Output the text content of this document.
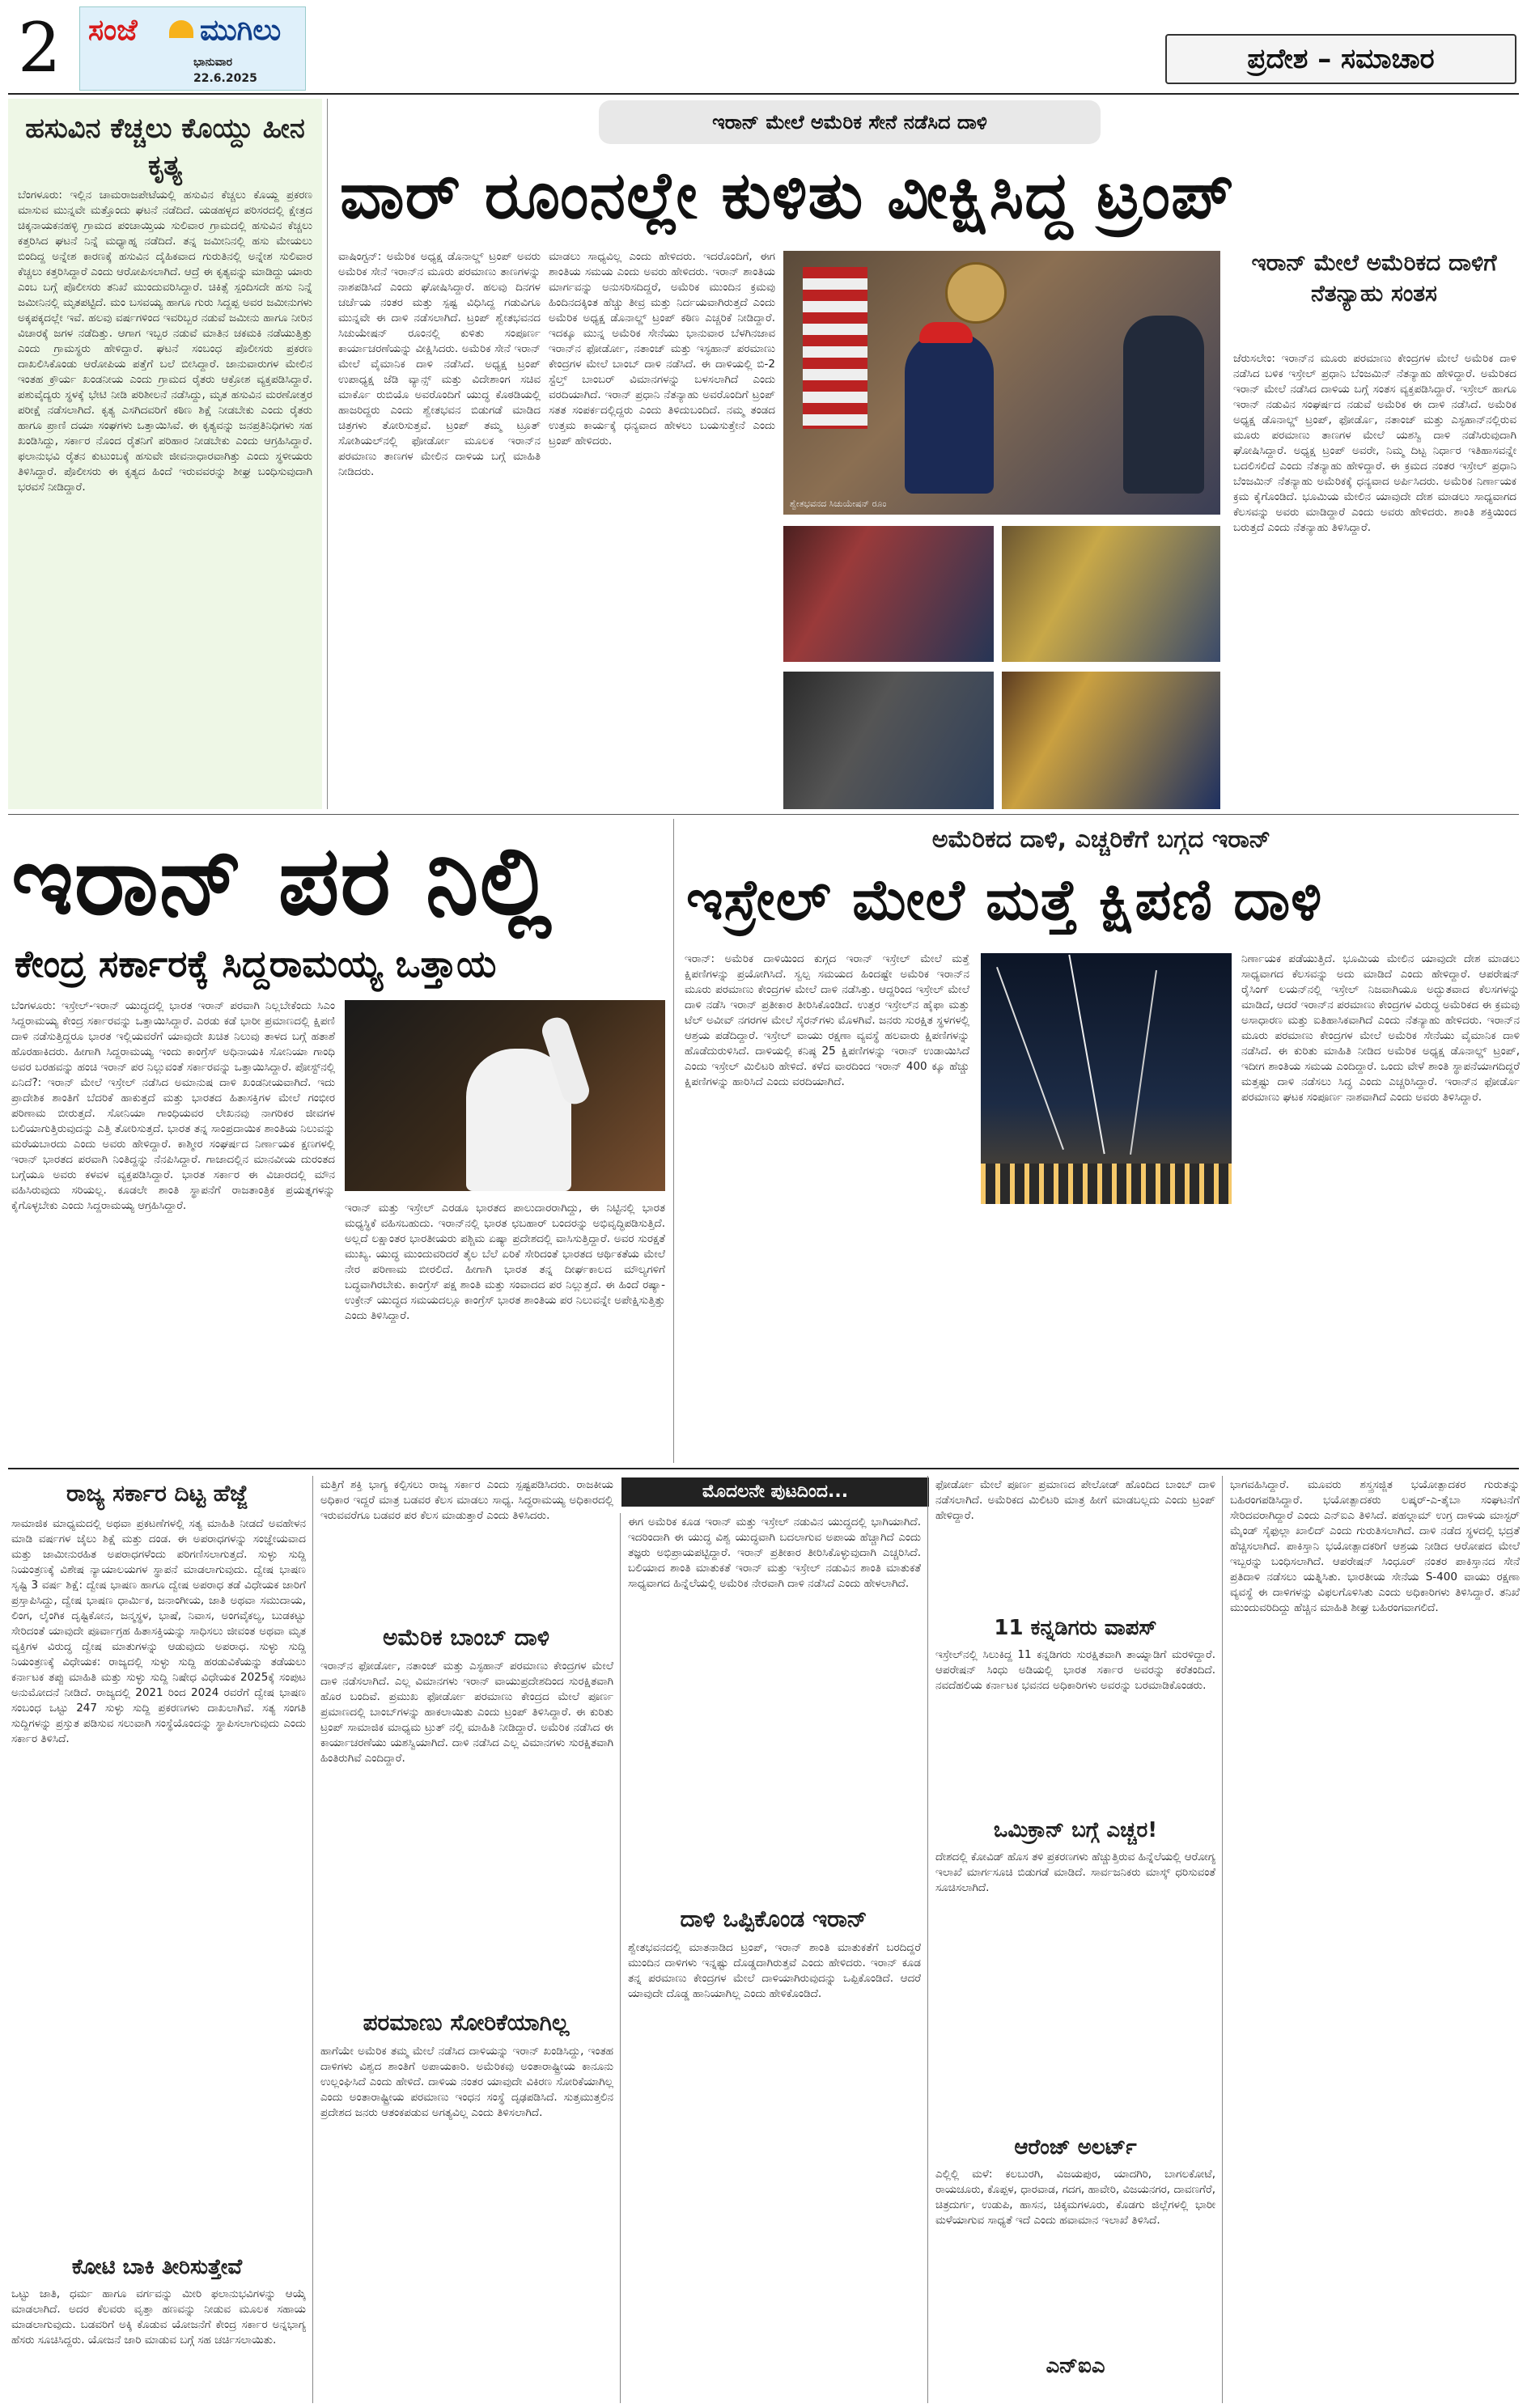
2 ಸಂಜೆ ಮುಗಿಲು
ಭಾನುವಾರ
22.6.2025
ಪ್ರದೇಶ – ಸಮಾಚಾರ
ಹಸುವಿನ ಕೆಚ್ಚಲು ಕೊಯ್ದು ಹೀನ ಕೃತ್ಯ
ಬೆಂಗಳೂರು: ಇಲ್ಲಿನ ಚಾಮರಾಜಪೇಟೆಯಲ್ಲಿ ಹಸುವಿನ ಕೆಚ್ಚಲು ಕೊಯ್ದ ಪ್ರಕರಣ ಮಾಸುವ ಮುನ್ನವೇ ಮತ್ತೊಂದು ಘಟನೆ ನಡೆದಿದೆ. ಯಡಹಳ್ಳದ ಪರಿಸರದಲ್ಲಿ ಕ್ಷೇತ್ರದ ಚಿಕ್ಕನಾಯಕನಹಳ್ಳಿ ಗ್ರಾಮದ ಪಂಚಾಯ್ತಿಯ ಸುಲಿವಾರ ಗ್ರಾಮದಲ್ಲಿ ಹಸುವಿನ ಕೆಚ್ಚಲು ಕತ್ತರಿಸಿದ ಘಟನೆ ನಿನ್ನೆ ಮಧ್ಯಾಹ್ನ ನಡೆದಿದೆ. ತನ್ನ ಜಮೀನಿನಲ್ಲಿ ಹಸು ಮೇಯಲು ಬಿಂದಿದ್ದ ಅನ್ನೇಶ ಕಾರಣಕ್ಕೆ ಹಸುವಿನ ದೈಹಿಕವಾದ ಗುರುತಿನಲ್ಲಿ ಅನ್ನೇಶ ಸುಲಿವಾರ ಕೆಚ್ಚಲು ಕತ್ತರಿಸಿದ್ದಾರೆ ಎಂದು ಆರೋಪಿಸಲಾಗಿದೆ. ಆದ್ರೆ ಈ ಕೃತ್ಯವನ್ನು ಮಾಡಿದ್ದು ಯಾರು ಎಂಬ ಬಗ್ಗೆ ಪೊಲೀಸರು ತನಿಖೆ ಮುಂದುವರಿಸಿದ್ದಾರೆ. ಚಿಕಿತ್ಸೆ ಸ್ಪಂದಿಸದೇ ಹಸು ನಿನ್ನೆ ಜಮೀನಿನಲ್ಲಿ ಮೃತಪಟ್ಟಿದೆ. ಮಂ ಬಸವಯ್ಯ ಹಾಗೂ ಗುರು ಸಿದ್ದಪ್ಪ ಅವರ ಜಮೀನುಗಳು ಅಕ್ಕಪಕ್ಕದಲ್ಲೇ ಇವೆ. ಹಲವು ವರ್ಷಗಳಿಂದ ಇವರಿಬ್ಬರ ನಡುವೆ ಜಮೀನು ಹಾಗೂ ನೀರಿನ ವಿಚಾರಕ್ಕೆ ಜಗಳ ನಡೆದಿತ್ತು. ಆಗಾಗ ಇಬ್ಬರ ನಡುವೆ ಮಾತಿನ ಚಕಮಕಿ ನಡೆಯುತ್ತಿತ್ತು ಎಂದು ಗ್ರಾಮಸ್ಥರು ಹೇಳಿದ್ದಾರೆ. ಘಟನೆ ಸಂಬಂಧ ಪೊಲೀಸರು ಪ್ರಕರಣ ದಾಖಲಿಸಿಕೊಂಡು ಆರೋಪಿಯ ಪತ್ತೆಗೆ ಬಲೆ ಬೀಸಿದ್ದಾರೆ. ಜಾನುವಾರುಗಳ ಮೇಲಿನ ಇಂತಹ ಕ್ರೌರ್ಯ ಖಂಡನೀಯ ಎಂದು ಗ್ರಾಮದ ರೈತರು ಆಕ್ರೋಶ ವ್ಯಕ್ತಪಡಿಸಿದ್ದಾರೆ. ಪಶುವೈದ್ಯರು ಸ್ಥಳಕ್ಕೆ ಭೇಟಿ ನೀಡಿ ಪರಿಶೀಲನೆ ನಡೆಸಿದ್ದು, ಮೃತ ಹಸುವಿನ ಮರಣೋತ್ತರ ಪರೀಕ್ಷೆ ನಡೆಸಲಾಗಿದೆ. ಕೃತ್ಯ ಎಸಗಿದವರಿಗೆ ಕಠಿಣ ಶಿಕ್ಷೆ ನೀಡಬೇಕು ಎಂದು ರೈತರು ಹಾಗೂ ಪ್ರಾಣಿ ದಯಾ ಸಂಘಗಳು ಒತ್ತಾಯಿಸಿವೆ. ಈ ಕೃತ್ಯವನ್ನು ಜನಪ್ರತಿನಿಧಿಗಳು ಸಹ ಖಂಡಿಸಿದ್ದು, ಸರ್ಕಾರ ನೊಂದ ರೈತನಿಗೆ ಪರಿಹಾರ ನೀಡಬೇಕು ಎಂದು ಆಗ್ರಹಿಸಿದ್ದಾರೆ. ಫಲಾನುಭವಿ ರೈತನ ಕುಟುಂಬಕ್ಕೆ ಹಸುವೇ ಜೀವನಾಧಾರವಾಗಿತ್ತು ಎಂದು ಸ್ಥಳೀಯರು ತಿಳಿಸಿದ್ದಾರೆ. ಪೊಲೀಸರು ಈ ಕೃತ್ಯದ ಹಿಂದೆ ಇರುವವರನ್ನು ಶೀಘ್ರ ಬಂಧಿಸುವುದಾಗಿ ಭರವಸೆ ನೀಡಿದ್ದಾರೆ.
ಇರಾನ್ ಮೇಲೆ ಅಮೆರಿಕ ಸೇನೆ ನಡೆಸಿದ ದಾಳಿ
ವಾರ್ ರೂಂನಲ್ಲೇ ಕುಳಿತು ವೀಕ್ಷಿಸಿದ್ದ ಟ್ರಂಪ್
ವಾಷಿಂಗ್ಟನ್: ಅಮೆರಿಕ ಅಧ್ಯಕ್ಷ ಡೊನಾಲ್ಡ್ ಟ್ರಂಪ್ ಅವರು ಅಮೆರಿಕ ಸೇನೆ ಇರಾನ್‌ನ ಮೂರು ಪರಮಾಣು ತಾಣಗಳನ್ನು ನಾಶಪಡಿಸಿದೆ ಎಂದು ಘೋಷಿಸಿದ್ದಾರೆ. ಹಲವು ದಿನಗಳ ಚರ್ಚೆಯ ನಂತರ ಮತ್ತು ಸ್ಪಷ್ಟ ವಿಧಿಸಿದ್ದ ಗಡುವಿಗೂ ಮುನ್ನವೇ ಈ ದಾಳಿ ನಡೆಸಲಾಗಿದೆ. ಟ್ರಂಪ್ ಶ್ವೇತಭವನದ ಸಿಚುಯೇಷನ್ ರೂಂನಲ್ಲಿ ಕುಳಿತು ಸಂಪೂರ್ಣ ಕಾರ್ಯಾಚರಣೆಯನ್ನು ವೀಕ್ಷಿಸಿದರು. ಅಮೆರಿಕ ಸೇನೆ ಇರಾನ್ ಮೇಲೆ ವೈಮಾನಿಕ ದಾಳಿ ನಡೆಸಿದೆ. ಅಧ್ಯಕ್ಷ ಟ್ರಂಪ್ ಉಪಾಧ್ಯಕ್ಷ ಜೆಡಿ ವ್ಯಾನ್ಸ್ ಮತ್ತು ವಿದೇಶಾಂಗ ಸಚಿವ ಮಾರ್ಕೊ ರುಬಿಯೊ ಅವರೊಂದಿಗೆ ಯುದ್ಧ ಕೊಠಡಿಯಲ್ಲಿ ಹಾಜರಿದ್ದರು ಎಂದು ಶ್ವೇತಭವನ ಬಿಡುಗಡೆ ಮಾಡಿದ ಚಿತ್ರಗಳು ತೋರಿಸುತ್ತವೆ. ಟ್ರಂಪ್ ತಮ್ಮ ಟ್ರೂತ್ ಸೋಶಿಯಲ್‌ನಲ್ಲಿ ಫೋರ್ಡೋ ಮೂಲಕ ಇರಾನ್‌ನ ಪರಮಾಣು ತಾಣಗಳ ಮೇಲಿನ ದಾಳಿಯ ಬಗ್ಗೆ ಮಾಹಿತಿ ನೀಡಿದರು.
ಮಾಡಲು ಸಾಧ್ಯವಿಲ್ಲ ಎಂದು ಹೇಳಿದರು. ಇದರೊಂದಿಗೆ, ಈಗ ಶಾಂತಿಯ ಸಮಯ ಎಂದು ಅವರು ಹೇಳಿದರು. ಇರಾನ್ ಶಾಂತಿಯ ಮಾರ್ಗವನ್ನು ಅನುಸರಿಸದಿದ್ದರೆ, ಅಮೆರಿಕ ಮುಂದಿನ ಕ್ರಮವು ಹಿಂದಿನದಕ್ಕಿಂತ ಹೆಚ್ಚು ತೀವ್ರ ಮತ್ತು ನಿರ್ದಯವಾಗಿರುತ್ತದೆ ಎಂದು ಅಮೆರಿಕ ಅಧ್ಯಕ್ಷ ಡೊನಾಲ್ಡ್ ಟ್ರಂಪ್ ಕಠಿಣ ಎಚ್ಚರಿಕೆ ನೀಡಿದ್ದಾರೆ. ಇದಕ್ಕೂ ಮುನ್ನ ಅಮೆರಿಕ ಸೇನೆಯು ಭಾನುವಾರ ಬೆಳಗಿನಜಾವ ಇರಾನ್‌ನ ಫೋರ್ಡೋ, ನತಾಂಜ್ ಮತ್ತು ಇಸ್ಫಹಾನ್ ಪರಮಾಣು ಕೇಂದ್ರಗಳ ಮೇಲೆ ಬಾಂಬ್ ದಾಳಿ ನಡೆಸಿದೆ. ಈ ದಾಳಿಯಲ್ಲಿ ಬಿ-2 ಸ್ಟೆಲ್ತ್ ಬಾಂಬರ್ ವಿಮಾನಗಳನ್ನು ಬಳಸಲಾಗಿದೆ ಎಂದು ವರದಿಯಾಗಿದೆ. ಇರಾನ್ ಪ್ರಧಾನಿ ನೆತನ್ಯಾಹು ಅವರೊಂದಿಗೆ ಟ್ರಂಪ್ ಸತತ ಸಂಪರ್ಕದಲ್ಲಿದ್ದರು ಎಂದು ತಿಳಿದುಬಂದಿದೆ. ನಮ್ಮ ತಂಡದ ಉತ್ತಮ ಕಾರ್ಯಕ್ಕೆ ಧನ್ಯವಾದ ಹೇಳಲು ಬಯಸುತ್ತೇನೆ ಎಂದು ಟ್ರಂಪ್ ಹೇಳಿದರು.
ಶ್ವೇತಭವನದ ಸಿಚುಯೇಷನ್ ರೂಂ
ಇರಾನ್ ಮೇಲೆ ಅಮೆರಿಕದ ದಾಳಿಗೆ ನೆತನ್ಯಾಹು ಸಂತಸ
ಜೆರುಸಲೇಂ: ಇರಾನ್‌ನ ಮೂರು ಪರಮಾಣು ಕೇಂದ್ರಗಳ ಮೇಲೆ ಅಮೆರಿಕ ದಾಳಿ ನಡೆಸಿದ ಬಳಿಕ ಇಸ್ರೇಲ್ ಪ್ರಧಾನಿ ಬೆಂಜಮಿನ್ ನೆತನ್ಯಾಹು ಹೇಳಿದ್ದಾರೆ. ಅಮೆರಿಕದ ಇರಾನ್ ಮೇಲೆ ನಡೆಸಿದ ದಾಳಿಯ ಬಗ್ಗೆ ಸಂತಸ ವ್ಯಕ್ತಪಡಿಸಿದ್ದಾರೆ. ಇಸ್ರೇಲ್ ಹಾಗೂ ಇರಾನ್ ನಡುವಿನ ಸಂಘರ್ಷದ ನಡುವೆ ಅಮೆರಿಕ ಈ ದಾಳಿ ನಡೆಸಿದೆ. ಅಮೆರಿಕ ಅಧ್ಯಕ್ಷ ಡೊನಾಲ್ಡ್ ಟ್ರಂಪ್, ಫೋರ್ಡೊ, ನತಾಂಜ್ ಮತ್ತು ಎಸ್ಫಹಾನ್‌ನಲ್ಲಿರುವ ಮೂರು ಪರಮಾಣು ತಾಣಗಳ ಮೇಲೆ ಯಶಸ್ವಿ ದಾಳಿ ನಡೆಸಿರುವುದಾಗಿ ಘೋಷಿಸಿದ್ದಾರೆ. ಅಧ್ಯಕ್ಷ ಟ್ರಂಪ್ ಅವರೇ, ನಿಮ್ಮ ದಿಟ್ಟ ನಿರ್ಧಾರ ಇತಿಹಾಸವನ್ನೇ ಬದಲಿಸಲಿದೆ ಎಂದು ನೆತನ್ಯಾಹು ಹೇಳಿದ್ದಾರೆ. ಈ ಕ್ರಮದ ನಂತರ ಇಸ್ರೇಲ್ ಪ್ರಧಾನಿ ಬೆಂಜಮಿನ್ ನೆತನ್ಯಾಹು ಅಮೆರಿಕಕ್ಕೆ ಧನ್ಯವಾದ ಅರ್ಪಿಸಿದರು. ಅಮೆರಿಕ ನಿರ್ಣಾಯಕ ಕ್ರಮ ಕೈಗೊಂಡಿದೆ. ಭೂಮಿಯ ಮೇಲಿನ ಯಾವುದೇ ದೇಶ ಮಾಡಲು ಸಾಧ್ಯವಾಗದ ಕೆಲಸವನ್ನು ಅವರು ಮಾಡಿದ್ದಾರೆ ಎಂದು ಅವರು ಹೇಳಿದರು. ಶಾಂತಿ ಶಕ್ತಿಯಿಂದ ಬರುತ್ತದೆ ಎಂದು ನೆತನ್ಯಾಹು ತಿಳಿಸಿದ್ದಾರೆ.
ಇರಾನ್ ಪರ ನಿಲ್ಲಿ
ಕೇಂದ್ರ ಸರ್ಕಾರಕ್ಕೆ ಸಿದ್ದರಾಮಯ್ಯ ಒತ್ತಾಯ
ಬೆಂಗಳೂರು: ಇಸ್ರೇಲ್-ಇರಾನ್ ಯುದ್ಧದಲ್ಲಿ ಭಾರತ ಇರಾನ್ ಪರವಾಗಿ ನಿಲ್ಲಬೇಕೆಂದು ಸಿಎಂ ಸಿದ್ದರಾಮಯ್ಯ ಕೇಂದ್ರ ಸರ್ಕಾರವನ್ನು ಒತ್ತಾಯಿಸಿದ್ದಾರೆ. ಎರಡು ಕಡೆ ಭಾರೀ ಪ್ರಮಾಣದಲ್ಲಿ ಕ್ಷಿಪಣಿ ದಾಳಿ ನಡೆಸುತ್ತಿದ್ದರೂ ಭಾರತ ಇಲ್ಲಿಯವರೆಗೆ ಯಾವುದೇ ಖಚಿತ ನಿಲುವು ತಾಳದ ಬಗ್ಗೆ ಹತಾಶೆ ಹೊರಹಾಕಿದರು. ಹೀಗಾಗಿ ಸಿದ್ದರಾಮಯ್ಯ ಇಂದು ಕಾಂಗ್ರೆಸ್ ಅಧಿನಾಯಕಿ ಸೋನಿಯಾ ಗಾಂಧಿ ಅವರ ಬರಹವನ್ನು ಹಂಚಿ ಇರಾನ್ ಪರ ನಿಲ್ಲುವಂತೆ ಸರ್ಕಾರವನ್ನು ಒತ್ತಾಯಿಸಿದ್ದಾರೆ. ಪೋಸ್ಟ್‌ನಲ್ಲಿ ಏನಿದೆ?: ಇರಾನ್ ಮೇಲೆ ಇಸ್ರೇಲ್ ನಡೆಸಿದ ಅಮಾನುಷ ದಾಳಿ ಖಂಡನೀಯವಾಗಿದೆ. ಇದು ಪ್ರಾದೇಶಿಕ ಶಾಂತಿಗೆ ಬೆದರಿಕೆ ಹಾಕುತ್ತದೆ ಮತ್ತು ಭಾರತದ ಹಿತಾಸಕ್ತಿಗಳ ಮೇಲೆ ಗಂಭೀರ ಪರಿಣಾಮ ಬೀರುತ್ತದೆ. ಸೋನಿಯಾ ಗಾಂಧಿಯವರ ಲೇಖನವು ನಾಗರಿಕರ ಜೀವಗಳ ಬಲಿಯಾಗುತ್ತಿರುವುದನ್ನು ಎತ್ತಿ ತೋರಿಸುತ್ತದೆ. ಭಾರತ ತನ್ನ ಸಾಂಪ್ರದಾಯಿಕ ಶಾಂತಿಯ ನಿಲುವನ್ನು ಮರೆಯಬಾರದು ಎಂದು ಅವರು ಹೇಳಿದ್ದಾರೆ. ಕಾಶ್ಮೀರ ಸಂಘರ್ಷದ ನಿರ್ಣಾಯಕ ಕ್ಷಣಗಳಲ್ಲಿ ಇರಾನ್ ಭಾರತದ ಪರವಾಗಿ ನಿಂತಿದ್ದನ್ನು ನೆನಪಿಸಿದ್ದಾರೆ. ಗಾಜಾದಲ್ಲಿನ ಮಾನವೀಯ ದುರಂತದ ಬಗ್ಗೆಯೂ ಅವರು ಕಳವಳ ವ್ಯಕ್ತಪಡಿಸಿದ್ದಾರೆ. ಭಾರತ ಸರ್ಕಾರ ಈ ವಿಚಾರದಲ್ಲಿ ಮೌನ ವಹಿಸಿರುವುದು ಸರಿಯಲ್ಲ. ಕೂಡಲೇ ಶಾಂತಿ ಸ್ಥಾಪನೆಗೆ ರಾಜತಾಂತ್ರಿಕ ಪ್ರಯತ್ನಗಳನ್ನು ಕೈಗೊಳ್ಳಬೇಕು ಎಂದು ಸಿದ್ದರಾಮಯ್ಯ ಆಗ್ರಹಿಸಿದ್ದಾರೆ.	ಇರಾನ್ ಮತ್ತು ಇಸ್ರೇಲ್ ಎರಡೂ ಭಾರತದ ಪಾಲುದಾರರಾಗಿದ್ದು, ಈ ನಿಟ್ಟಿನಲ್ಲಿ ಭಾರತ ಮಧ್ಯಸ್ಥಿಕೆ ವಹಿಸಬಹುದು. ಇರಾನ್‌ನಲ್ಲಿ ಭಾರತ ಛಬಹಾರ್ ಬಂದರನ್ನು ಅಭಿವೃದ್ಧಿಪಡಿಸುತ್ತಿದೆ. ಅಲ್ಲದೆ ಲಕ್ಷಾಂತರ ಭಾರತೀಯರು ಪಶ್ಚಿಮ ಏಷ್ಯಾ ಪ್ರದೇಶದಲ್ಲಿ ವಾಸಿಸುತ್ತಿದ್ದಾರೆ. ಅವರ ಸುರಕ್ಷತೆ ಮುಖ್ಯ. ಯುದ್ಧ ಮುಂದುವರಿದರೆ ತೈಲ ಬೆಲೆ ಏರಿಕೆ ಸೇರಿದಂತೆ ಭಾರತದ ಆರ್ಥಿಕತೆಯ ಮೇಲೆ ನೇರ ಪರಿಣಾಮ ಬೀರಲಿದೆ. ಹೀಗಾಗಿ ಭಾರತ ತನ್ನ ದೀರ್ಘಕಾಲದ ಮೌಲ್ಯಗಳಿಗೆ ಬದ್ಧವಾಗಿರಬೇಕು. ಕಾಂಗ್ರೆಸ್ ಪಕ್ಷ ಶಾಂತಿ ಮತ್ತು ಸಂವಾದದ ಪರ ನಿಲ್ಲುತ್ತದೆ. ಈ ಹಿಂದೆ ರಷ್ಯಾ-ಉಕ್ರೇನ್ ಯುದ್ಧದ ಸಮಯದಲ್ಲೂ ಕಾಂಗ್ರೆಸ್ ಭಾರತ ಶಾಂತಿಯ ಪರ ನಿಲುವನ್ನೇ ಅಪೇಕ್ಷಿಸುತ್ತಿತ್ತು ಎಂದು ತಿಳಿಸಿದ್ದಾರೆ.
ಅಮೆರಿಕದ ದಾಳಿ, ಎಚ್ಚರಿಕೆಗೆ ಬಗ್ಗದ ಇರಾನ್
ಇಸ್ರೇಲ್ ಮೇಲೆ ಮತ್ತೆ ಕ್ಷಿಪಣಿ ದಾಳಿ
ಇರಾನ್: ಅಮೆರಿಕ ದಾಳಿಯಿಂದ ಕುಗ್ಗದ ಇರಾನ್ ಇಸ್ರೇಲ್ ಮೇಲೆ ಮತ್ತೆ ಕ್ಷಿಪಣಿಗಳನ್ನು ಪ್ರಯೋಗಿಸಿದೆ. ಸ್ವಲ್ಪ ಸಮಯದ ಹಿಂದಷ್ಟೇ ಅಮೆರಿಕ ಇರಾನ್‌ನ ಮೂರು ಪರಮಾಣು ಕೇಂದ್ರಗಳ ಮೇಲೆ ದಾಳಿ ನಡೆಸಿತ್ತು. ಆದ್ದರಿಂದ ಇಸ್ರೇಲ್ ಮೇಲೆ ದಾಳಿ ನಡೆಸಿ ಇರಾನ್ ಪ್ರತೀಕಾರ ತೀರಿಸಿಕೊಂಡಿದೆ. ಉತ್ತರ ಇಸ್ರೇಲ್‌ನ ಹೈಫಾ ಮತ್ತು ಟೆಲ್ ಅವೀವ್ ನಗರಗಳ ಮೇಲೆ ಸೈರನ್‌ಗಳು ಮೊಳಗಿವೆ. ಜನರು ಸುರಕ್ಷಿತ ಸ್ಥಳಗಳಲ್ಲಿ ಆಶ್ರಯ ಪಡೆದಿದ್ದಾರೆ. ಇಸ್ರೇಲ್ ವಾಯು ರಕ್ಷಣಾ ವ್ಯವಸ್ಥೆ ಹಲವಾರು ಕ್ಷಿಪಣಿಗಳನ್ನು ಹೊಡೆದುರುಳಿಸಿದೆ. ದಾಳಿಯಲ್ಲಿ ಕನಿಷ್ಠ 25 ಕ್ಷಿಪಣಿಗಳನ್ನು ಇರಾನ್ ಉಡಾಯಿಸಿದೆ ಎಂದು ಇಸ್ರೇಲ್ ಮಿಲಿಟರಿ ಹೇಳಿದೆ. ಕಳೆದ ವಾರದಿಂದ ಇರಾನ್ 400 ಕ್ಕೂ ಹೆಚ್ಚು ಕ್ಷಿಪಣಿಗಳನ್ನು ಹಾರಿಸಿದೆ ಎಂದು ವರದಿಯಾಗಿದೆ.
ನಿರ್ಣಾಯಕ ಪಡೆಯುತ್ತಿದೆ. ಭೂಮಿಯ ಮೇಲಿನ ಯಾವುದೇ ದೇಶ ಮಾಡಲು ಸಾಧ್ಯವಾಗದ ಕೆಲಸವನ್ನು ಅದು ಮಾಡಿದೆ ಎಂದು ಹೇಳಿದ್ದಾರೆ. ಆಪರೇಷನ್ ರೈಸಿಂಗ್ ಲಯನ್‌ನಲ್ಲಿ ಇಸ್ರೇಲ್ ನಿಜವಾಗಿಯೂ ಅದ್ಭುತವಾದ ಕೆಲಸಗಳನ್ನು ಮಾಡಿದೆ, ಆದರೆ ಇರಾನ್‌ನ ಪರಮಾಣು ಕೇಂದ್ರಗಳ ವಿರುದ್ಧ ಅಮೆರಿಕದ ಈ ಕ್ರಮವು ಅಸಾಧಾರಣ ಮತ್ತು ಐತಿಹಾಸಿಕವಾಗಿದೆ ಎಂದು ನೆತನ್ಯಾಹು ಹೇಳಿದರು. ಇರಾನ್‌ನ ಮೂರು ಪರಮಾಣು ಕೇಂದ್ರಗಳ ಮೇಲೆ ಅಮೆರಿಕ ಸೇನೆಯು ವೈಮಾನಿಕ ದಾಳಿ ನಡೆಸಿದೆ. ಈ ಕುರಿತು ಮಾಹಿತಿ ನೀಡಿದ ಅಮೆರಿಕ ಅಧ್ಯಕ್ಷ ಡೊನಾಲ್ಡ್ ಟ್ರಂಪ್, ಇದೀಗ ಶಾಂತಿಯ ಸಮಯ ಎಂದಿದ್ದಾರೆ. ಒಂದು ವೇಳೆ ಶಾಂತಿ ಸ್ಥಾಪನೆಯಾಗದಿದ್ದರೆ ಮತ್ತಷ್ಟು ದಾಳಿ ನಡೆಸಲು ಸಿದ್ಧ ಎಂದು ಎಚ್ಚರಿಸಿದ್ದಾರೆ. ಇರಾನ್‌ನ ಫೋರ್ಡೊ ಪರಮಾಣು ಘಟಕ ಸಂಪೂರ್ಣ ನಾಶವಾಗಿದೆ ಎಂದು ಅವರು ತಿಳಿಸಿದ್ದಾರೆ.
ಮೊದಲನೇ ಪುಟದಿಂದ...
ರಾಜ್ಯ ಸರ್ಕಾರ ದಿಟ್ಟ ಹೆಜ್ಜೆ
ಸಾಮಾಜಿಕ ಮಾಧ್ಯಮದಲ್ಲಿ ಅಥವಾ ಪ್ರಕಟಣೆಗಳಲ್ಲಿ ಸತ್ಯ ಮಾಹಿತಿ ನೀಡದೆ ಅವಹೇಳನ ಮಾಡಿ ವರ್ಷಗಳ ಜೈಲು ಶಿಕ್ಷೆ ಮತ್ತು ದಂಡ. ಈ ಅಪರಾಧಗಳನ್ನು ಸಂಜ್ಞೇಯವಾದ ಮತ್ತು ಜಾಮೀನುರಹಿತ ಅಪರಾಧಗಳೆಂದು ಪರಿಗಣಿಸಲಾಗುತ್ತದೆ. ಸುಳ್ಳು ಸುದ್ದಿ ನಿಯಂತ್ರಣಕ್ಕೆ ವಿಶೇಷ ನ್ಯಾಯಾಲಯಗಳ ಸ್ಥಾಪನೆ ಮಾಡಲಾಗುವುದು. ದ್ವೇಷ ಭಾಷಣ ಸೃಷ್ಟಿ 3 ವರ್ಷ ಶಿಕ್ಷೆ: ದ್ವೇಷ ಭಾಷಣ ಹಾಗೂ ದ್ವೇಷ ಅಪರಾಧ ತಡೆ ವಿಧೇಯಕ ಜಾರಿಗೆ ಪ್ರಸ್ತಾಪಿಸಿದ್ದು, ದ್ವೇಷ ಭಾಷಣ ಧಾರ್ಮಿಕ, ಜನಾಂಗೀಯ, ಜಾತಿ ಅಥವಾ ಸಮುದಾಯ, ಲಿಂಗ, ಲೈಂಗಿಕ ದೃಷ್ಟಿಕೋನ, ಜನ್ಮಸ್ಥಳ, ಭಾಷೆ, ನಿವಾಸ, ಅಂಗವೈಕಲ್ಯ, ಬುಡಕಟ್ಟು ಸೇರಿದಂತೆ ಯಾವುದೇ ಪೂರ್ವಾಗ್ರಹ ಹಿತಾಸಕ್ತಿಯನ್ನು ಸಾಧಿಸಲು ಜೀವಂತ ಅಥವಾ ಮೃತ ವ್ಯಕ್ತಿಗಳ ವಿರುದ್ಧ ದ್ವೇಷ ಮಾತುಗಳನ್ನು ಆಡುವುದು ಅಪರಾಧ. ಸುಳ್ಳು ಸುದ್ದಿ ನಿಯಂತ್ರಣಕ್ಕೆ ವಿಧೇಯಕ: ರಾಜ್ಯದಲ್ಲಿ ಸುಳ್ಳು ಸುದ್ದಿ ಹರಡುವಿಕೆಯನ್ನು ತಡೆಯಲು ಕರ್ನಾಟಕ ತಪ್ಪು ಮಾಹಿತಿ ಮತ್ತು ಸುಳ್ಳು ಸುದ್ದಿ ನಿಷೇಧ ವಿಧೇಯಕ 2025ಕ್ಕೆ ಸಂಪುಟ ಅನುಮೋದನೆ ನೀಡಿದೆ. ರಾಜ್ಯದಲ್ಲಿ 2021 ರಿಂದ 2024 ರವರೆಗೆ ದ್ವೇಷ ಭಾಷಣ ಸಂಬಂಧ ಒಟ್ಟು 247 ಸುಳ್ಳು ಸುದ್ದಿ ಪ್ರಕರಣಗಳು ದಾಖಲಾಗಿವೆ. ಸತ್ಯ ಸಂಗತಿ ಸುದ್ದಿಗಳನ್ನು ಪ್ರಸ್ತುತ ಪಡಿಸುವ ಸಲುವಾಗಿ ಸಂಸ್ಥೆಯೊಂದನ್ನು ಸ್ಥಾಪಿಸಲಾಗುವುದು ಎಂದು ಸರ್ಕಾರ ತಿಳಿಸಿದೆ.
ಕೋಟಿ ಬಾಕಿ ತೀರಿಸುತ್ತೇವೆ
ಒಟ್ಟು ಜಾತಿ, ಧರ್ಮ ಹಾಗೂ ವರ್ಗವನ್ನು ಮೀರಿ ಫಲಾನುಭವಿಗಳನ್ನು ಆಯ್ಕೆ ಮಾಡಲಾಗಿದೆ. ಅದರ ಕೆಲವರು ವೃತ್ತಾ ಹಣವನ್ನು ನೀಡುವ ಮೂಲಕ ಸಹಾಯ ಮಾಡಲಾಗುವುದು. ಬಡವರಿಗೆ ಅಕ್ಕಿ ಕೊಡುವ ಯೋಜನೆಗೆ ಕೇಂದ್ರ ಸರ್ಕಾರ ಅನ್ನಭಾಗ್ಯ ಹೆಸರು ಸೂಚಿಸಿದ್ದರು. ಯೋಜನೆ ಜಾರಿ ಮಾಡುವ ಬಗ್ಗೆ ಸಹ ಚರ್ಚಿಸಲಾಯಿತು.
ಮತ್ತಿಗೆ ಶಕ್ತಿ ಭಾಗ್ಯ ಕಲ್ಪಿಸಲು ರಾಜ್ಯ ಸರ್ಕಾರ ಎಂದು ಸ್ಪಷ್ಟಪಡಿಸಿದರು. ರಾಜಕೀಯ ಅಧಿಕಾರ ಇದ್ದರೆ ಮಾತ್ರ ಬಡವರ ಕೆಲಸ ಮಾಡಲು ಸಾಧ್ಯ. ಸಿದ್ಧರಾಮಯ್ಯ ಅಧಿಕಾರದಲ್ಲಿ ಇರುವವರೆಗೂ ಬಡವರ ಪರ ಕೆಲಸ ಮಾಡುತ್ತಾರೆ ಎಂದು ತಿಳಿಸಿದರು.
ಅಮೆರಿಕ ಬಾಂಬ್ ದಾಳಿ
ಇರಾನ್‌ನ ಫೋರ್ಡೋ, ನತಾಂಜ್ ಮತ್ತು ಎಸ್ಫಹಾನ್ ಪರಮಾಣು ಕೇಂದ್ರಗಳ ಮೇಲೆ ದಾಳಿ ನಡೆಸಲಾಗಿದೆ. ಎಲ್ಲ ವಿಮಾನಗಳು ಇರಾನ್ ವಾಯುಪ್ರದೇಶದಿಂದ ಸುರಕ್ಷಿತವಾಗಿ ಹೊರ ಬಂದಿವೆ. ಪ್ರಮುಖ ಫೋರ್ಡೋ ಪರಮಾಣು ಕೇಂದ್ರದ ಮೇಲೆ ಪೂರ್ಣ ಪ್ರಮಾಣದಲ್ಲಿ ಬಾಂಬ್‌ಗಳನ್ನು ಹಾಕಲಾಯಿತು ಎಂದು ಟ್ರಂಪ್ ತಿಳಿಸಿದ್ದಾರೆ. ಈ ಕುರಿತು ಟ್ರಂಪ್ ಸಾಮಾಜಿಕ ಮಾಧ್ಯಮ ಟ್ರುತ್ ನಲ್ಲಿ ಮಾಹಿತಿ ನೀಡಿದ್ದಾರೆ. ಅಮೆರಿಕ ನಡೆಸಿದ ಈ ಕಾರ್ಯಾಚರಣೆಯು ಯಶಸ್ವಿಯಾಗಿದೆ. ದಾಳಿ ನಡೆಸಿದ ಎಲ್ಲ ವಿಮಾನಗಳು ಸುರಕ್ಷಿತವಾಗಿ ಹಿಂತಿರುಗಿವೆ ಎಂದಿದ್ದಾರೆ.
ಪರಮಾಣು ಸೋರಿಕೆಯಾಗಿಲ್ಲ
ಹಾಗೆಯೇ ಅಮೆರಿಕ ತಮ್ಮ ಮೇಲೆ ನಡೆಸಿದ ದಾಳಿಯನ್ನು ಇರಾನ್ ಖಂಡಿಸಿದ್ದು, ಇಂತಹ ದಾಳಿಗಳು ವಿಶ್ವದ ಶಾಂತಿಗೆ ಅಪಾಯಕಾರಿ. ಅಮೆರಿಕವು ಅಂತಾರಾಷ್ಟ್ರೀಯ ಕಾನೂನು ಉಲ್ಲಂಘಿಸಿದೆ ಎಂದು ಹೇಳಿದೆ. ದಾಳಿಯ ನಂತರ ಯಾವುದೇ ವಿಕಿರಣ ಸೋರಿಕೆಯಾಗಿಲ್ಲ ಎಂದು ಅಂತಾರಾಷ್ಟ್ರೀಯ ಪರಮಾಣು ಇಂಧನ ಸಂಸ್ಥೆ ದೃಢಪಡಿಸಿದೆ. ಸುತ್ತಮುತ್ತಲಿನ ಪ್ರದೇಶದ ಜನರು ಆತಂಕಪಡುವ ಅಗತ್ಯವಿಲ್ಲ ಎಂದು ತಿಳಿಸಲಾಗಿದೆ.
ಈಗ ಅಮೆರಿಕ ಕೂಡ ಇರಾನ್ ಮತ್ತು ಇಸ್ರೇಲ್ ನಡುವಿನ ಯುದ್ಧದಲ್ಲಿ ಭಾಗಿಯಾಗಿದೆ. ಇದರಿಂದಾಗಿ ಈ ಯುದ್ಧ ವಿಶ್ವ ಯುದ್ಧವಾಗಿ ಬದಲಾಗುವ ಅಪಾಯ ಹೆಚ್ಚಾಗಿದೆ ಎಂದು ತಜ್ಞರು ಅಭಿಪ್ರಾಯಪಟ್ಟಿದ್ದಾರೆ. ಇರಾನ್ ಪ್ರತೀಕಾರ ತೀರಿಸಿಕೊಳ್ಳುವುದಾಗಿ ಎಚ್ಚರಿಸಿದೆ. ಬಲಿಯಾದ ಶಾಂತಿ ಮಾತುಕತೆ ಇರಾನ್ ಮತ್ತು ಇಸ್ರೇಲ್ ನಡುವಿನ ಶಾಂತಿ ಮಾತುಕತೆ ಸಾಧ್ಯವಾಗದ ಹಿನ್ನೆಲೆಯಲ್ಲಿ ಅಮೆರಿಕ ನೇರವಾಗಿ ದಾಳಿ ನಡೆಸಿದೆ ಎಂದು ಹೇಳಲಾಗಿದೆ.
ದಾಳಿ ಒಪ್ಪಿಕೊಂಡ ಇರಾನ್
ಶ್ವೇತಭವನದಲ್ಲಿ ಮಾತನಾಡಿದ ಟ್ರಂಪ್, ಇರಾನ್ ಶಾಂತಿ ಮಾತುಕತೆಗೆ ಬರದಿದ್ದರೆ ಮುಂದಿನ ದಾಳಿಗಳು ಇನ್ನಷ್ಟು ದೊಡ್ಡದಾಗಿರುತ್ತವೆ ಎಂದು ಹೇಳಿದರು. ಇರಾನ್ ಕೂಡ ತನ್ನ ಪರಮಾಣು ಕೇಂದ್ರಗಳ ಮೇಲೆ ದಾಳಿಯಾಗಿರುವುದನ್ನು ಒಪ್ಪಿಕೊಂಡಿದೆ. ಆದರೆ ಯಾವುದೇ ದೊಡ್ಡ ಹಾನಿಯಾಗಿಲ್ಲ ಎಂದು ಹೇಳಿಕೊಂಡಿದೆ.
ಫೋರ್ಡೋ ಮೇಲೆ ಪೂರ್ಣ ಪ್ರಮಾಣದ ಪೇಲೋಡ್ ಹೊಂದಿದ ಬಾಂಬ್ ದಾಳಿ ನಡೆಸಲಾಗಿದೆ. ಅಮೆರಿಕದ ಮಿಲಿಟರಿ ಮಾತ್ರ ಹೀಗೆ ಮಾಡಬಲ್ಲದು ಎಂದು ಟ್ರಂಪ್ ಹೇಳಿದ್ದಾರೆ.
11 ಕನ್ನಡಿಗರು ವಾಪಸ್
ಇಸ್ರೇಲ್‌ನಲ್ಲಿ ಸಿಲುಕಿದ್ದ 11 ಕನ್ನಡಿಗರು ಸುರಕ್ಷಿತವಾಗಿ ತಾಯ್ನಾಡಿಗೆ ಮರಳಿದ್ದಾರೆ. ಆಪರೇಷನ್ ಸಿಂಧು ಅಡಿಯಲ್ಲಿ ಭಾರತ ಸರ್ಕಾರ ಅವರನ್ನು ಕರೆತಂದಿದೆ. ನವದೆಹಲಿಯ ಕರ್ನಾಟಕ ಭವನದ ಅಧಿಕಾರಿಗಳು ಅವರನ್ನು ಬರಮಾಡಿಕೊಂಡರು.
ಒಮಿಕ್ರಾನ್ ಬಗ್ಗೆ ಎಚ್ಚರ!
ದೇಶದಲ್ಲಿ ಕೋವಿಡ್ ಹೊಸ ತಳಿ ಪ್ರಕರಣಗಳು ಹೆಚ್ಚುತ್ತಿರುವ ಹಿನ್ನೆಲೆಯಲ್ಲಿ ಆರೋಗ್ಯ ಇಲಾಖೆ ಮಾರ್ಗಸೂಚಿ ಬಿಡುಗಡೆ ಮಾಡಿದೆ. ಸಾರ್ವಜನಿಕರು ಮಾಸ್ಕ್ ಧರಿಸುವಂತೆ ಸೂಚಿಸಲಾಗಿದೆ.
ಆರೆಂಜ್ ಅಲರ್ಟ್
ಎಲ್ಲಿಲ್ಲಿ ಮಳೆ: ಕಲಬುರಗಿ, ವಿಜಯಪುರ, ಯಾದಗಿರಿ, ಬಾಗಲಕೋಟೆ, ರಾಯಚೂರು, ಕೊಪ್ಪಳ, ಧಾರವಾಡ, ಗದಗ, ಹಾವೇರಿ, ವಿಜಯನಗರ, ದಾವಣಗೆರೆ, ಚಿತ್ರದುರ್ಗ, ಉಡುಪಿ, ಹಾಸನ, ಚಿಕ್ಕಮಗಳೂರು, ಕೊಡಗು ಜಿಲ್ಲೆಗಳಲ್ಲಿ ಭಾರೀ ಮಳೆಯಾಗುವ ಸಾಧ್ಯತೆ ಇದೆ ಎಂದು ಹವಾಮಾನ ಇಲಾಖೆ ತಿಳಿಸಿದೆ.
ಎನ್‌ಐಎ
ಭಾಗವಹಿಸಿದ್ದಾರೆ. ಮೂವರು ಶಸ್ತ್ರಸಜ್ಜಿತ ಭಯೋತ್ಪಾದಕರ ಗುರುತನ್ನು ಬಹಿರಂಗಪಡಿಸಿದ್ದಾರೆ. ಭಯೋತ್ಪಾದಕರು ಲಷ್ಕರ್-ಎ-ತೈಬಾ ಸಂಘಟನೆಗೆ ಸೇರಿದವರಾಗಿದ್ದಾರೆ ಎಂದು ಎನ್‌ಐಎ ತಿಳಿಸಿದೆ. ಪಹಲ್ಗಾಮ್ ಉಗ್ರ ದಾಳಿಯ ಮಾಸ್ಟರ್ ಮೈಂಡ್ ಸೈಫುಲ್ಲಾ ಖಾಲಿದ್ ಎಂದು ಗುರುತಿಸಲಾಗಿದೆ. ದಾಳಿ ನಡೆದ ಸ್ಥಳದಲ್ಲಿ ಭದ್ರತೆ ಹೆಚ್ಚಿಸಲಾಗಿದೆ. ಪಾಕಿಸ್ತಾನಿ ಭಯೋತ್ಪಾದಕರಿಗೆ ಆಶ್ರಯ ನೀಡಿದ ಆರೋಪದ ಮೇಲೆ ಇಬ್ಬರನ್ನು ಬಂಧಿಸಲಾಗಿದೆ. ಆಪರೇಷನ್ ಸಿಂಧೂರ್ ನಂತರ ಪಾಕಿಸ್ತಾನದ ಸೇನೆ ಪ್ರತಿದಾಳಿ ನಡೆಸಲು ಯತ್ನಿಸಿತು. ಭಾರತೀಯ ಸೇನೆಯ S-400 ವಾಯು ರಕ್ಷಣಾ ವ್ಯವಸ್ಥೆ ಈ ದಾಳಿಗಳನ್ನು ವಿಫಲಗೊಳಿಸಿತು ಎಂದು ಅಧಿಕಾರಿಗಳು ತಿಳಿಸಿದ್ದಾರೆ. ತನಿಖೆ ಮುಂದುವರಿದಿದ್ದು ಹೆಚ್ಚಿನ ಮಾಹಿತಿ ಶೀಘ್ರ ಬಹಿರಂಗವಾಗಲಿದೆ.
